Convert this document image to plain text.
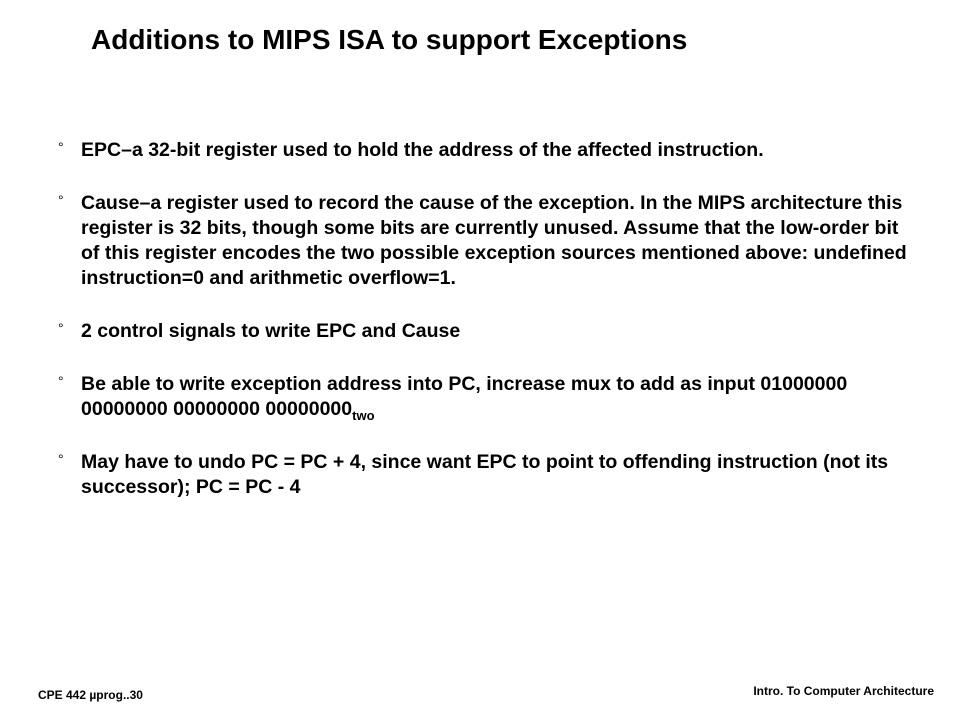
Additions to MIPS ISA to support Exceptions
° EPC–a 32-bit register used to hold the address of the affected instruction.
° Cause–a register used to record the cause of the exception. In the MIPS architecture this register is 32 bits, though some bits are currently unused. Assume that the low-order bit of this register encodes the two possible exception sources mentioned above: undefined instruction=0 and arithmetic overflow=1.
° 2 control signals to write EPC and Cause
° Be able to write exception address into PC, increase mux to add as input 01000000 00000000 00000000 $00000000_{two}$
° May have to undo PC = PC + 4, since want EPC to point to offending instruction (not its successor); PC = PC - 4
CPE 442 µprog..30	Intro. To Computer Architecture
